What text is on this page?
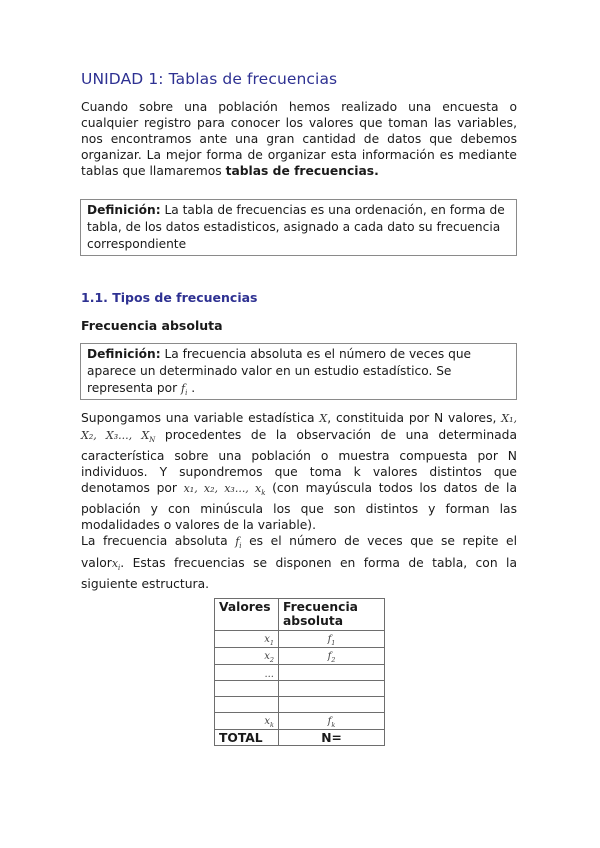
UNIDAD 1: Tablas de frecuencias
Cuando sobre una población hemos realizado una encuesta o cualquier registro para conocer los valores que toman las variables, nos encontramos ante una gran cantidad de datos que debemos organizar. La mejor forma de organizar esta información es mediante tablas que llamaremos tablas de frecuencias.
Definición: La tabla de frecuencias es una ordenación, en forma de tabla, de los datos estadisticos, asignado a cada dato su frecuencia correspondiente
1.1. Tipos de frecuencias
Frecuencia absoluta
Definición: La frecuencia absoluta es el número de veces que aparece un determinado valor en un estudio estadístico. Se representa por $f_i$ .
Supongamos una variable estadística X, constituida por N valores, X₁, X₂, X₃..., $X_N$ procedentes de la observación de una determinada característica sobre una población o muestra compuesta por N individuos. Y supondremos que toma k valores distintos que denotamos por x₁, x₂, x₃..., $x_k$ (con mayúscula todos los datos de la población y con minúscula los que son distintos y forman las modalidades o valores de la variable).
La frecuencia absoluta $f_i$ es el número de veces que se repite el valorx$_i$. Estas frecuencias se disponen en forma de tabla, con la siguiente estructura.
Valores	Frecuencia absoluta
$x_1$	$f_1$
$x_2$	$f_2$
...	

$x_k$	$f_k$
TOTAL	N=
